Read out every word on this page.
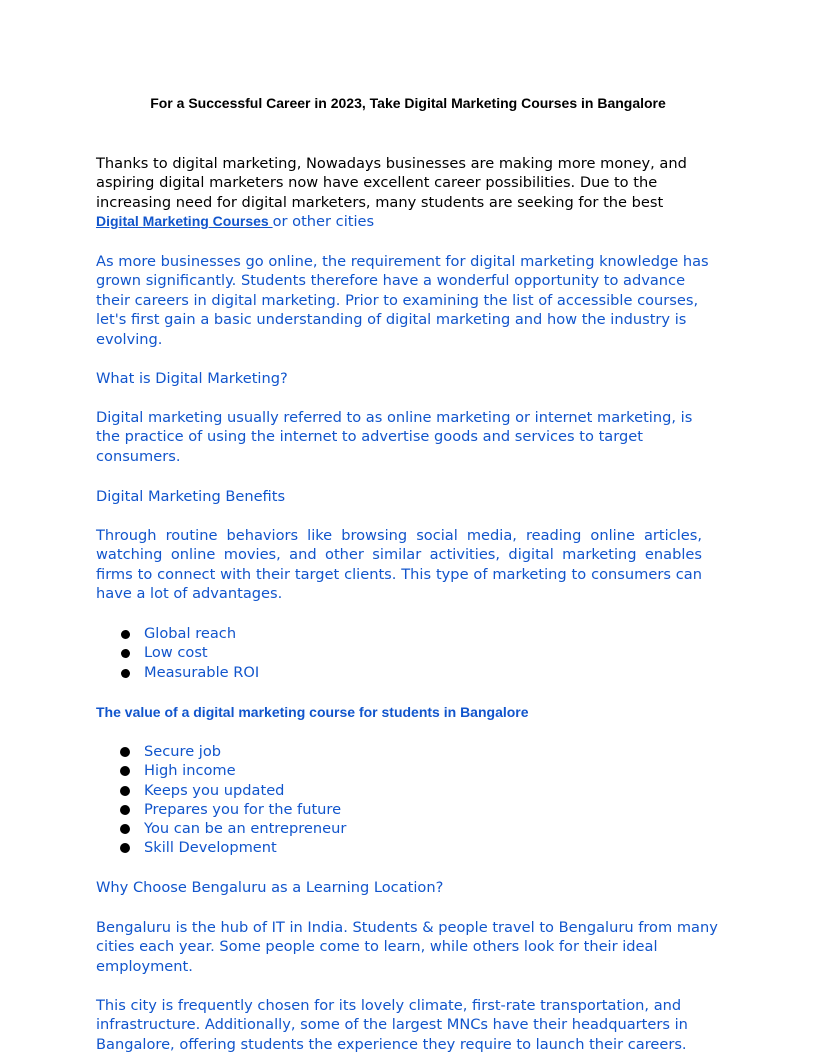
For a Successful Career in 2023, Take Digital Marketing Courses in Bangalore
Thanks to digital marketing, Nowadays businesses are making more money, and aspiring digital marketers now have excellent career possibilities. Due to the increasing need for digital marketers, many students are seeking for the best
Digital Marketing Courses or other cities
As more businesses go online, the requirement for digital marketing knowledge has grown significantly. Students therefore have a wonderful opportunity to advance their careers in digital marketing. Prior to examining the list of accessible courses, let's first gain a basic understanding of digital marketing and how the industry is evolving.
What is Digital Marketing?
Digital marketing usually referred to as online marketing or internet marketing, is the practice of using the internet to advertise goods and services to target consumers.
Digital Marketing Benefits
Through routine behaviors like browsing social media, reading online articles, watching online movies, and other similar activities, digital marketing enables firms to connect with their target clients. This type of marketing to consumers can have a lot of advantages.
Global reach
Low cost
Measurable ROI
The value of a digital marketing course for students in Bangalore
Secure job
High income
Keeps you updated
Prepares you for the future
You can be an entrepreneur
Skill Development
Why Choose Bengaluru as a Learning Location?
Bengaluru is the hub of IT in India. Students & people travel to Bengaluru from many cities each year. Some people come to learn, while others look for their ideal employment.
This city is frequently chosen for its lovely climate, first-rate transportation, and infrastructure. Additionally, some of the largest MNCs have their headquarters in Bangalore, offering students the experience they require to launch their careers.
